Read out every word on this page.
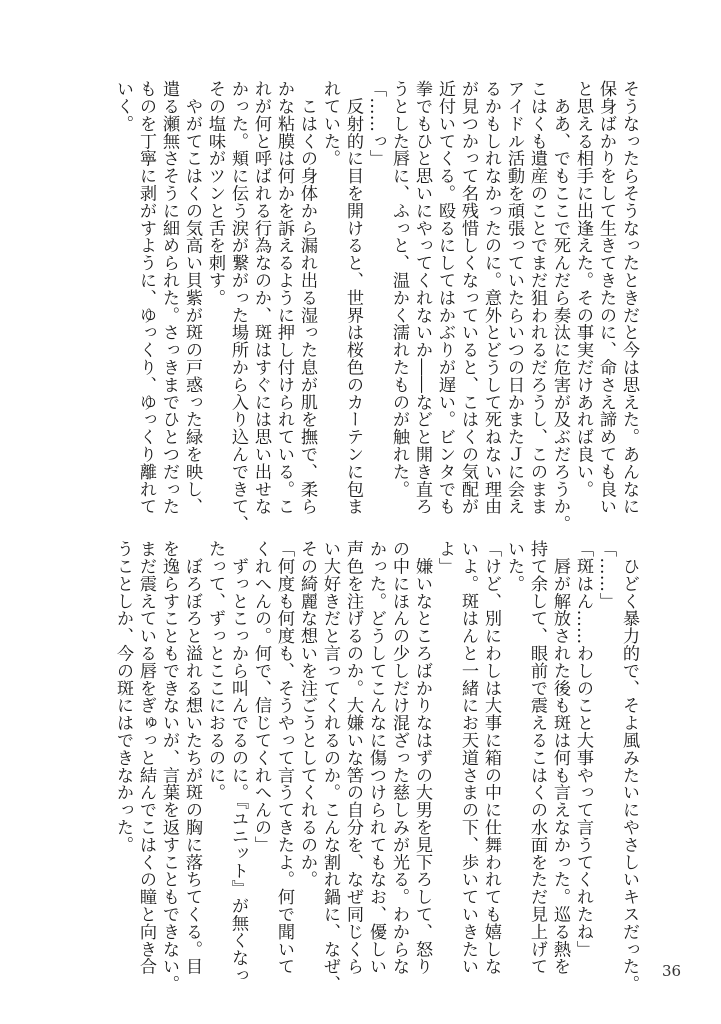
そうなったらそうなったときだと今は思えた。あんなに
保身ばかりをして生きてきたのに、命さえ諦めても良い
と思える相手に出逢えた。その事実だけあれば良い。
　ああ、でもここで死んだら奏汰に危害が及ぶだろうか。
こはくも遺産のことでまだ狙われるだろうし、このまま
アイドル活動を頑張っていたらいつの日かまたＪに会え
るかもしれなかったのに。意外とどうして死ねない理由
が見つかって名残惜しくなっていると、こはくの気配が
近付いてくる。殴るにしてはかぶりが遅い。ビンタでも
拳でもひと思いにやってくれないか――などと開き直ろ
うとした唇に、ふっと、温かく濡れたものが触れた。
「……っ」
　反射的に目を開けると、世界は桜色のカーテンに包ま
れていた。
　こはくの身体から漏れ出る湿った息が肌を撫で、柔ら
かな粘膜は何かを訴えるように押し付けられている。こ
れが何と呼ばれる行為なのか、斑はすぐには思い出せな
かった。頬に伝う涙が繋がった場所から入り込んできて、
その塩味がツンと舌を刺す。
　やがてこはくの気高い貝紫が斑の戸惑った緑を映し、
遣る瀬無さそうに細められた。さっきまでひとつだった
ものを丁寧に剥がすように、ゆっくり、ゆっくり離れて
いく。
　ひどく暴力的で、そよ風みたいにやさしいキスだった。
「……」
「斑はん……わしのこと大事やって言うてくれたね」
　唇が解放された後も斑は何も言えなかった。巡る熱を
持て余して、眼前で震えるこはくの水面をただ見上げて
いた。
「けど、別にわしは大事に箱の中に仕舞われても嬉しな
いよ。斑はんと一緒にお天道さまの下、歩いていきたい
よ」
　嫌いなところばかりなはずの大男を見下ろして、怒り
の中にほんの少しだけ混ざった慈しみが光る。わからな
かった。どうしてこんなに傷つけられてもなお、優しい
声色を注げるのか。大嫌いな筈の自分を、なぜ同じくら
い大好きだと言ってくれるのか。こんな割れ鍋に、なぜ、
その綺麗な想いを注ごうとしてくれるのか。
「何度も何度も、そうやって言うてきたよ。何で聞いて
くれへんの。何で、信じてくれへんの」
　ずっとこっから叫んでるのに。『ユニット』が無くなっ
たって、ずっとここにおるのに。
　ぼろぼろと溢れる想いたちが斑の胸に落ちてくる。目
を逸らすこともできないが、言葉を返すこともできない。
まだ震えている唇をぎゅっと結んでこはくの瞳と向き合
うことしか、今の斑にはできなかった。
36
